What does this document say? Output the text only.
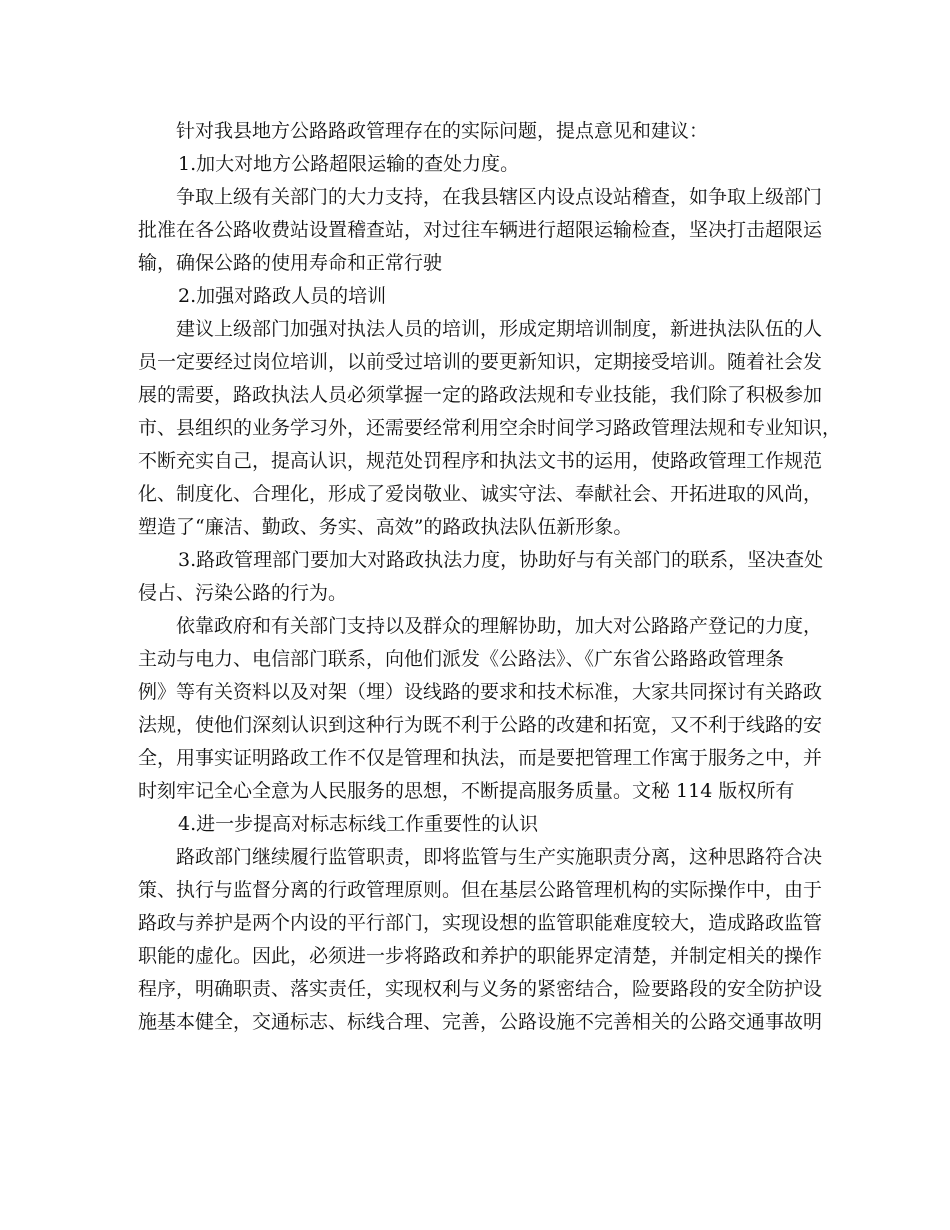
针对我县地方公路路政管理存在的实际问题，提点意见和建议：
1.加大对地方公路超限运输的查处力度。
争取上级有关部门的大力支持，在我县辖区内设点设站稽查，如争取上级部门
批准在各公路收费站设置稽查站，对过往车辆进行超限运输检查，坚决打击超限运
输，确保公路的使用寿命和正常行驶
2.加强对路政人员的培训
建议上级部门加强对执法人员的培训，形成定期培训制度，新进执法队伍的人
员一定要经过岗位培训，以前受过培训的要更新知识，定期接受培训。随着社会发
展的需要，路政执法人员必须掌握一定的路政法规和专业技能，我们除了积极参加
市、县组织的业务学习外，还需要经常利用空余时间学习路政管理法规和专业知识，
不断充实自己，提高认识，规范处罚程序和执法文书的运用，使路政管理工作规范
化、制度化、合理化，形成了爱岗敬业、诚实守法、奉献社会、开拓进取的风尚，
塑造了“廉洁、勤政、务实、高效”的路政执法队伍新形象。
3.路政管理部门要加大对路政执法力度，协助好与有关部门的联系，坚决查处
侵占、污染公路的行为。
依靠政府和有关部门支持以及群众的理解协助，加大对公路路产登记的力度，
主动与电力、电信部门联系，向他们派发《公路法》、《广东省公路路政管理条
例》等有关资料以及对架（埋）设线路的要求和技术标准，大家共同探讨有关路政
法规，使他们深刻认识到这种行为既不利于公路的改建和拓宽，又不利于线路的安
全，用事实证明路政工作不仅是管理和执法，而是要把管理工作寓于服务之中，并
时刻牢记全心全意为人民服务的思想，不断提高服务质量。文秘 114 版权所有
4.进一步提高对标志标线工作重要性的认识
路政部门继续履行监管职责，即将监管与生产实施职责分离，这种思路符合决
策、执行与监督分离的行政管理原则。但在基层公路管理机构的实际操作中，由于
路政与养护是两个内设的平行部门，实现设想的监管职能难度较大，造成路政监管
职能的虚化。因此，必须进一步将路政和养护的职能界定清楚，并制定相关的操作
程序，明确职责、落实责任，实现权利与义务的紧密结合，险要路段的安全防护设
施基本健全，交通标志、标线合理、完善，公路设施不完善相关的公路交通事故明
